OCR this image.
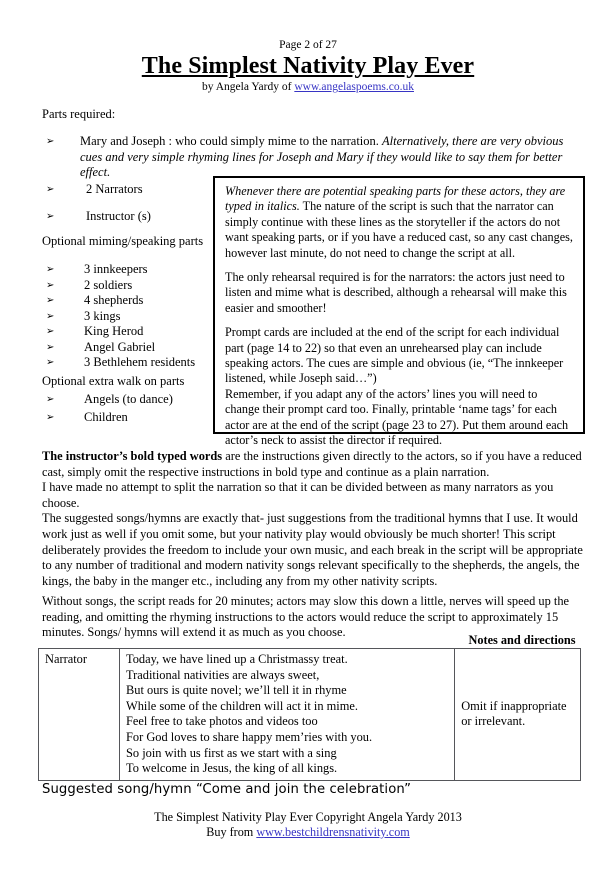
Page 2 of 27
The Simplest Nativity Play Ever
by Angela Yardy of www.angelaspoems.co.uk
Parts required:
➢	Mary and Joseph : who could simply mime to the narration. Alternatively, there are very obvious cues and very simple rhyming lines for Joseph and Mary if they would like to say them for better effect.
➢	2 Narrators
➢	Instructor (s)
Optional miming/speaking parts
➢	3 innkeepers
➢	2 soldiers
➢	4 shepherds
➢	3 kings
➢	King Herod
➢	Angel Gabriel
➢	3 Bethlehem residents
Optional extra walk on parts
➢	Angels (to dance)
➢	Children

Whenever there are potential speaking parts for these actors, they are typed in italics. The nature of the script is such that the narrator can simply continue with these lines as the storyteller if the actors do not want speaking parts, or if you have a reduced cast, so any cast changes, however last minute, do not need to change the script at all.

The only rehearsal required is for the narrators: the actors just need to listen and mime what is described, although a rehearsal will make this easier and smoother!

Prompt cards are included at the end of the script for each individual part (page 14 to 22) so that even an unrehearsed play can include speaking actors. The cues are simple and obvious (ie, “The innkeeper listened, while Joseph said…”)

Remember, if you adapt any of the actors’ lines you will need to change their prompt card too. Finally, printable ‘name tags’ for each actor are at the end of the script (page 23 to 27). Put them around each actor’s neck to assist the director if required.

The instructor’s bold typed words are the instructions given directly to the actors, so if you have a reduced cast, simply omit the respective instructions in bold type and continue as a plain narration.

I have made no attempt to split the narration so that it can be divided between as many narrators as you choose.

The suggested songs/hymns are exactly that- just suggestions from the traditional hymns that I use. It would work just as well if you omit some, but your nativity play would obviously be much shorter! This script deliberately provides the freedom to include your own music, and each break in the script will be appropriate to any number of traditional and modern nativity songs relevant specifically to the shepherds, the angels, the kings, the baby in the manger etc., including any from my other nativity scripts.

Without songs, the script reads for 20 minutes; actors may slow this down a little, nerves will speed up the reading, and omitting the rhyming instructions to the actors would reduce the script to approximately 15 minutes. Songs/ hymns will extend it as much as you choose.

Notes and directions
Narrator	Today, we have lined up a Christmassy treat.
Traditional nativities are always sweet,
But ours is quite novel; we’ll tell it in rhyme
While some of the children will act it in mime.
Feel free to take photos and videos too
For God loves to share happy mem’ries with you.
So join with us first as we start with a sing
To welcome in Jesus, the king of all kings.
	Omit if inappropriate or irrelevant.
Suggested song/hymn “Come and join the celebration”
The Simplest Nativity Play Ever Copyright Angela Yardy 2013
Buy from www.bestchildrensnativity.com
